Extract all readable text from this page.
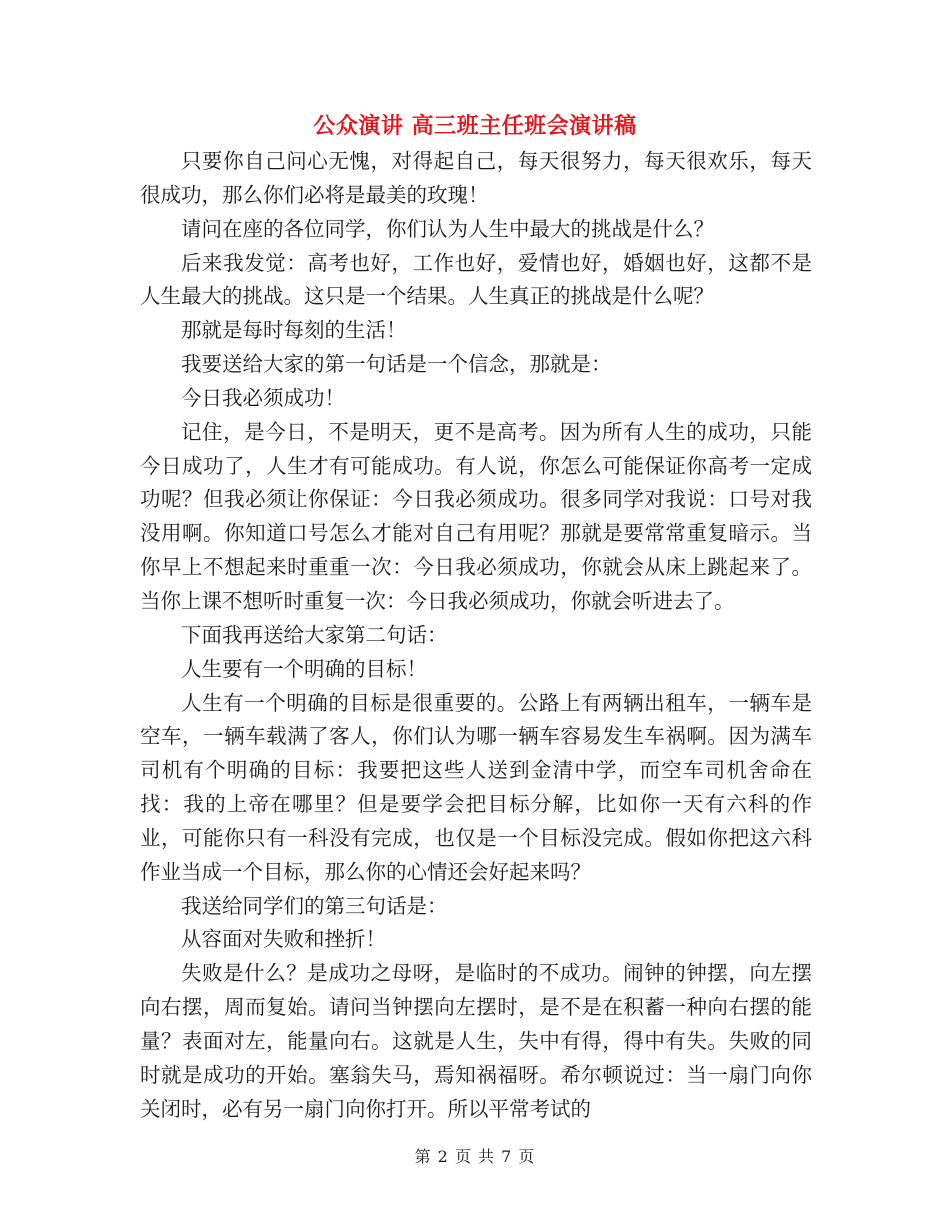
公众演讲 高三班主任班会演讲稿

只要你自己问心无愧，对得起自己，每天很努力，每天很欢乐，每天很成功，那么你们必将是最美的玫瑰！

请问在座的各位同学，你们认为人生中最大的挑战是什么？

后来我发觉：高考也好，工作也好，爱情也好，婚姻也好，这都不是人生最大的挑战。这只是一个结果。人生真正的挑战是什么呢？

那就是每时每刻的生活！

我要送给大家的第一句话是一个信念，那就是：

今日我必须成功！

记住，是今日，不是明天，更不是高考。因为所有人生的成功，只能今日成功了，人生才有可能成功。有人说，你怎么可能保证你高考一定成功呢？但我必须让你保证：今日我必须成功。很多同学对我说：口号对我没用啊。你知道口号怎么才能对自己有用呢？那就是要常常重复暗示。当你早上不想起来时重重一次：今日我必须成功，你就会从床上跳起来了。当你上课不想听时重复一次：今日我必须成功，你就会听进去了。

下面我再送给大家第二句话：

人生要有一个明确的目标！

人生有一个明确的目标是很重要的。公路上有两辆出租车，一辆车是空车，一辆车载满了客人，你们认为哪一辆车容易发生车祸啊。因为满车司机有个明确的目标：我要把这些人送到金清中学，而空车司机舍命在找：我的上帝在哪里？但是要学会把目标分解，比如你一天有六科的作业，可能你只有一科没有完成，也仅是一个目标没完成。假如你把这六科作业当成一个目标，那么你的心情还会好起来吗？

我送给同学们的第三句话是：

从容面对失败和挫折！

失败是什么？是成功之母呀，是临时的不成功。闹钟的钟摆，向左摆向右摆，周而复始。请问当钟摆向左摆时，是不是在积蓄一种向右摆的能量？表面对左，能量向右。这就是人生，失中有得，得中有失。失败的同时就是成功的开始。塞翁失马，焉知祸福呀。希尔顿说过：当一扇门向你关闭时，必有另一扇门向你打开。所以平常考试的

第 2 页 共 7 页
